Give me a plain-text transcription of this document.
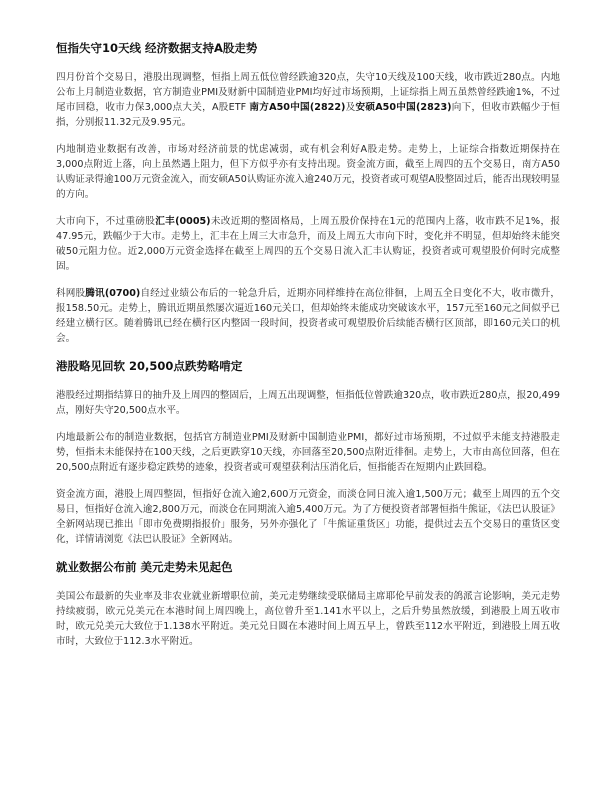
恒指失守10天线 经济数据支持A股走势

四月份首个交易日，港股出现调整，恒指上周五低位曾经跌逾320点，失守10天线及100天线，收市跌近280点。内地公布上月制造业数据，官方制造业PMI及财新中国制造业PMI均好过市场预期，上证综指上周五虽然曾经跌逾1%，不过尾市回稳，收市力保3,000点大关，A股ETF 南方A50中国(2822)及安硕A50中国(2823)向下，但收市跌幅少于恒指，分别报11.32元及9.95元。

内地制造业数据有改善，市场对经济前景的忧虑减弱，或有机会利好A股走势。走势上，上证综合指数近期保持在3,000点附近上落，向上虽然遇上阻力，但下方似乎亦有支持出现。资金流方面，截至上周四的五个交易日，南方A50认购证录得逾100万元资金流入，而安硕A50认购证亦流入逾240万元，投资者或可观望A股整固过后，能否出现较明显的方向。

大市向下，不过重磅股汇丰(0005)未改近期的整固格局，上周五股价保持在1元的范围内上落，收市跌不足1%，报47.95元，跌幅少于大市。走势上，汇丰在上周三大市急升，而及上周五大市向下时，变化并不明显，但却始终未能突破50元阻力位。近2,000万元资金选择在截至上周四的五个交易日流入汇丰认购证，投资者或可观望股价何时完成整固。

科网股腾讯(0700)自经过业绩公布后的一轮急升后，近期亦同样维持在高位徘徊，上周五全日变化不大，收市微升，报158.50元。走势上，腾讯近期虽然屡次逼近160元关口，但却始终未能成功突破该水平，157元至160元之间似乎已经建立横行区。随着腾讯已经在横行区内整固一段时间，投资者或可观望股价后续能否横行区顶部，即160元关口的机会。

港股略见回软 20,500点跌势略啃定

港股经过期指结算日的抽升及上周四的整固后，上周五出现调整，恒指低位曾跌逾320点，收市跌近280点，报20,499点，刚好失守20,500点水平。

内地最新公布的制造业数据，包括官方制造业PMI及财新中国制造业PMI，都好过市场预期，不过似乎未能支持港股走势，恒指未未能保持在100天线，之后更跌穿10天线，亦回落至20,500点附近徘徊。走势上，大市由高位回落，但在20,500点附近有逐步稳定跌势的迹象，投资者或可观望获利沽压消化后，恒指能否在短期内止跌回稳。

资金流方面，港股上周四整固，恒指好仓流入逾2,600万元资金，而淡仓同日流入逾1,500万元；截至上周四的五个交易日，恒指好仓流入逾2,800万元，而淡仓在同期流入逾5,400万元。为了方便投资者部署恒指牛熊证，《法巴认股证》全新网站现已推出「即市免费期指报价」服务，另外亦强化了「牛熊证重货区」功能，提供过去五个交易日的重货区变化，详情请浏览《法巴认股证》全新网站。

就业数据公布前 美元走势未见起色

美国公布最新的失业率及非农业就业新增职位前，美元走势继续受联储局主席耶伦早前发表的鸽派言论影响，美元走势持续疲弱，欧元兑美元在本港时间上周四晚上，高位曾升至1.141水平以上，之后升势虽然放缓，到港股上周五收市时，欧元兑美元大致位于1.138水平附近。美元兑日圆在本港时间上周五早上，曾跌至112水平附近，到港股上周五收市时，大致位于112.3水平附近。
